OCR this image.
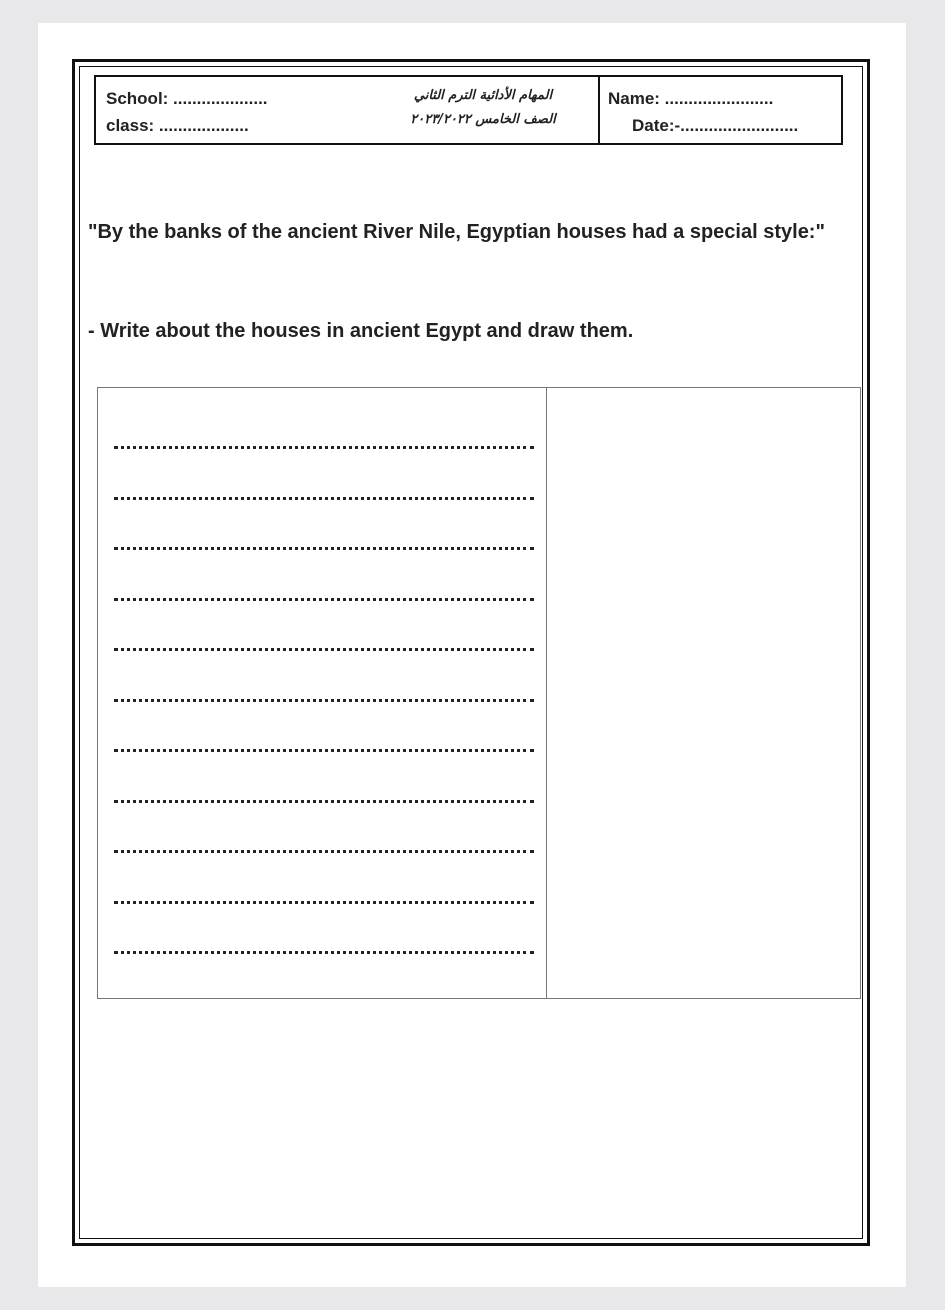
School: ....................
class: ...................
المهام الأدائية الترم الثاني
الصف الخامس ٢٠٢٣/٢٠٢٢
Name: .......................
Date:-.........................
"By the banks of the ancient River Nile, Egyptian houses had a special style:"
- Write about the houses in ancient Egypt and draw them.
